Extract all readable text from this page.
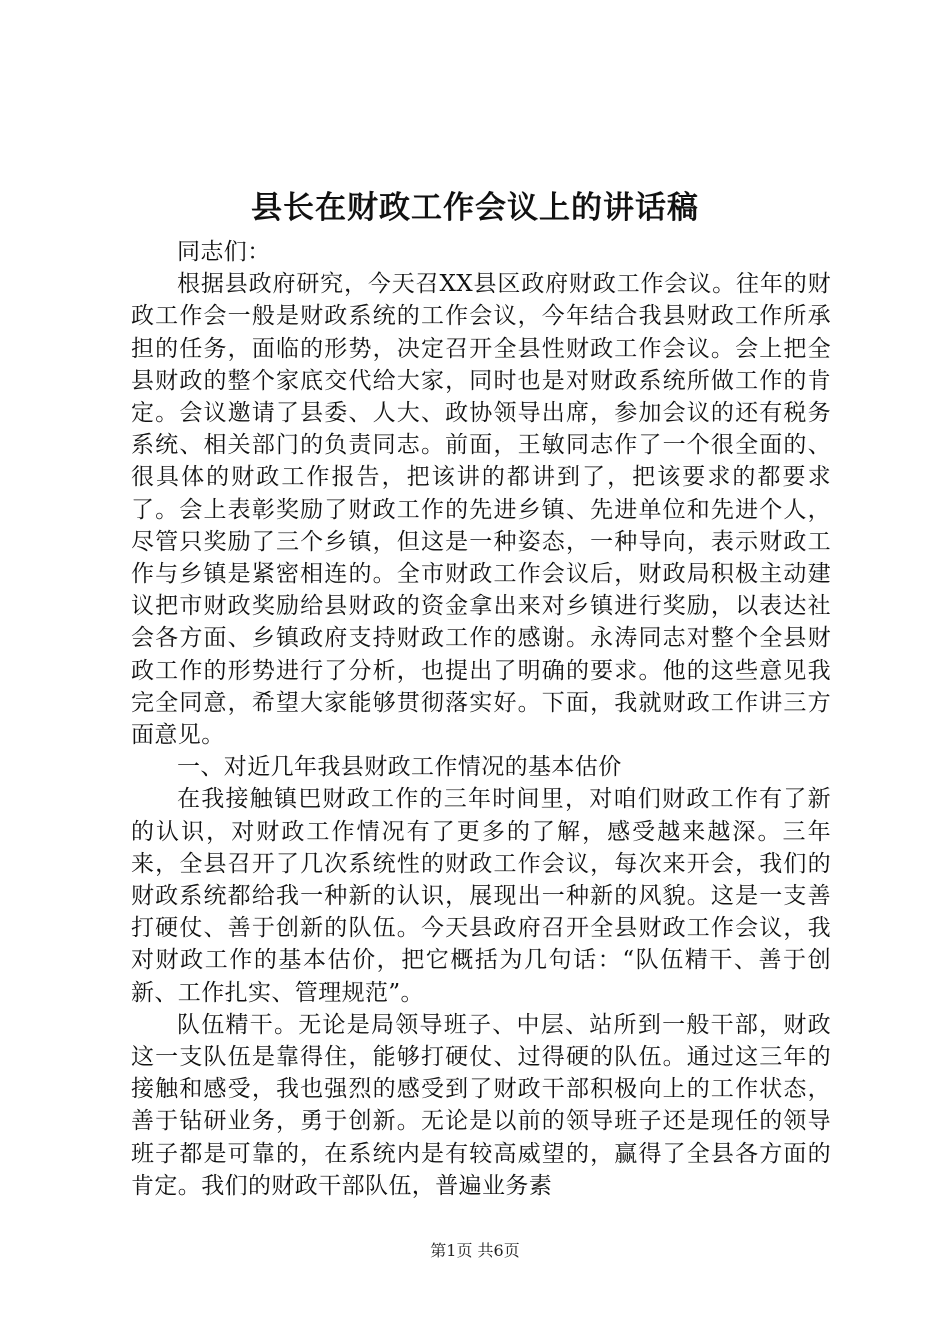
县长在财政工作会议上的讲话稿

同志们：

根据县政府研究，今天召XX县区政府财政工作会议。往年的财政工作会一般是财政系统的工作会议，今年结合我县财政工作所承担的任务，面临的形势，决定召开全县性财政工作会议。会上把全县财政的整个家底交代给大家，同时也是对财政系统所做工作的肯定。会议邀请了县委、人大、政协领导出席，参加会议的还有税务系统、相关部门的负责同志。前面，王敏同志作了一个很全面的、很具体的财政工作报告，把该讲的都讲到了，把该要求的都要求了。会上表彰奖励了财政工作的先进乡镇、先进单位和先进个人，尽管只奖励了三个乡镇，但这是一种姿态，一种导向，表示财政工作与乡镇是紧密相连的。全市财政工作会议后，财政局积极主动建议把市财政奖励给县财政的资金拿出来对乡镇进行奖励，以表达社会各方面、乡镇政府支持财政工作的感谢。永涛同志对整个全县财政工作的形势进行了分析，也提出了明确的要求。他的这些意见我完全同意，希望大家能够贯彻落实好。下面，我就财政工作讲三方面意见。

一、对近几年我县财政工作情况的基本估价

在我接触镇巴财政工作的三年时间里，对咱们财政工作有了新的认识，对财政工作情况有了更多的了解，感受越来越深。三年来，全县召开了几次系统性的财政工作会议，每次来开会，我们的财政系统都给我一种新的认识，展现出一种新的风貌。这是一支善打硬仗、善于创新的队伍。今天县政府召开全县财政工作会议，我对财政工作的基本估价，把它概括为几句话：“队伍精干、善于创新、工作扎实、管理规范”。

队伍精干。无论是局领导班子、中层、站所到一般干部，财政这一支队伍是靠得住，能够打硬仗、过得硬的队伍。通过这三年的接触和感受，我也强烈的感受到了财政干部积极向上的工作状态，善于钻研业务，勇于创新。无论是以前的领导班子还是现任的领导班子都是可靠的，在系统内是有较高威望的，赢得了全县各方面的肯定。我们的财政干部队伍，普遍业务素

第1页 共6页
